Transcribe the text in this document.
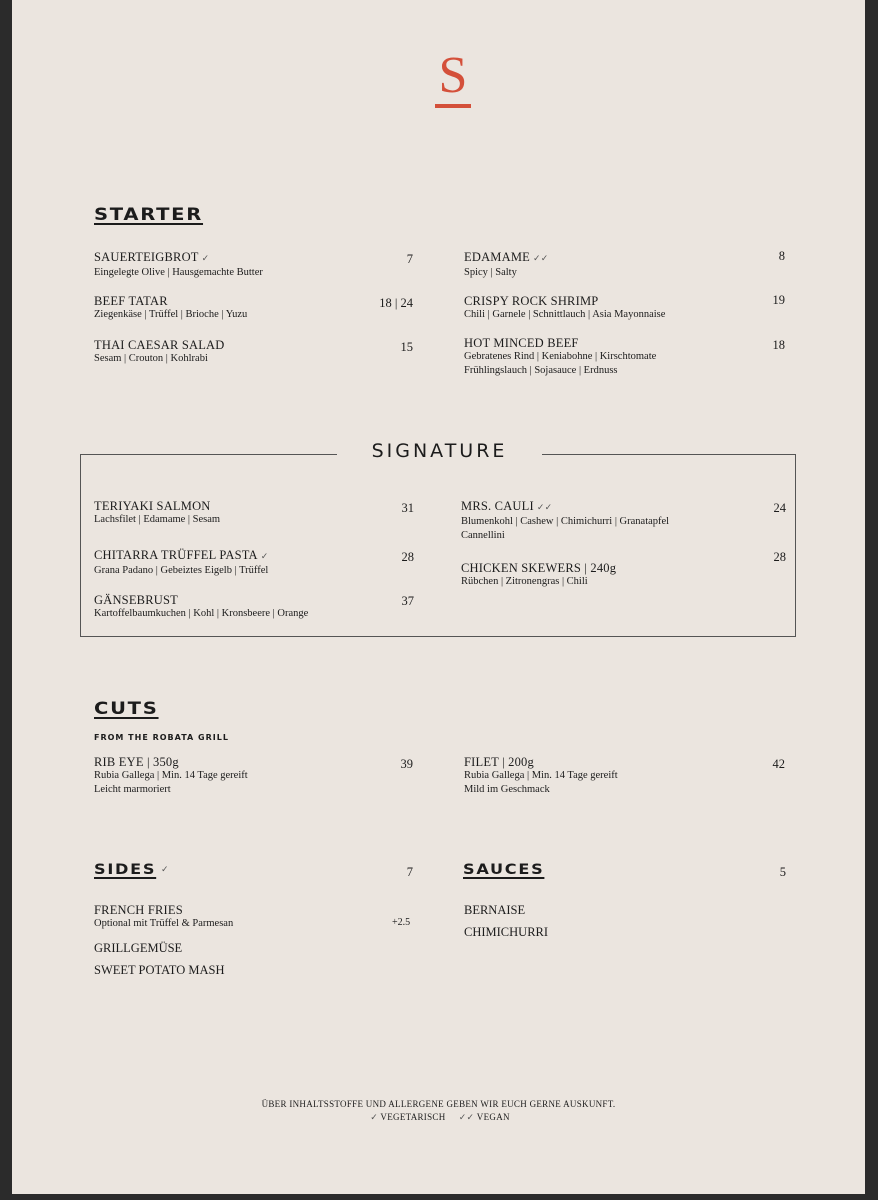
S
STARTER
SAUERTEIGBROT ✓
Eingelegte Olive | Hausgemachte Butter
7
BEEF TATAR
Ziegenkäse | Trüffel | Brioche | Yuzu
18 | 24
THAI CAESAR SALAD
Sesam | Crouton | Kohlrabi
15
EDAMAME ✓✓
Spicy | Salty
8
CRISPY ROCK SHRIMP
Chili | Garnele | Schnittlauch | Asia Mayonnaise
19
HOT MINCED BEEF
Gebratenes Rind | Keniabohne | Kirschtomate
Frühlingslauch | Sojasauce | Erdnuss
18
SIGNATURE
TERIYAKI SALMON
Lachsfilet | Edamame | Sesam
31
CHITARRA TRÜFFEL PASTA ✓
Grana Padano | Gebeiztes Eigelb | Trüffel
28
GÄNSEBRUST
Kartoffelbaumkuchen | Kohl | Kronsbeere | Orange
37
MRS. CAULI ✓✓
Blumenkohl | Cashew | Chimichurri | Granatapfel
Cannellini
24
CHICKEN SKEWERS | 240g
Rübchen | Zitronengras | Chili
28
CUTS
FROM THE ROBATA GRILL
RIB EYE | 350g
Rubia Gallega | Min. 14 Tage gereift
Leicht marmoriert
39	FILET | 200g
Rubia Gallega | Min. 14 Tage gereift
Mild im Geschmack
42
SIDES ✓	7
FRENCH FRIES
Optional mit Trüffel & Parmesan	+2.5
GRILLGEMÜSE
SWEET POTATO MASH
SAUCES	5
BERNAISE
CHIMICHURRI
ÜBER INHALTSSTOFFE UND ALLERGENE GEBEN WIR EUCH GERNE AUSKUNFT.
✓ VEGETARISCH ✓✓ VEGAN
